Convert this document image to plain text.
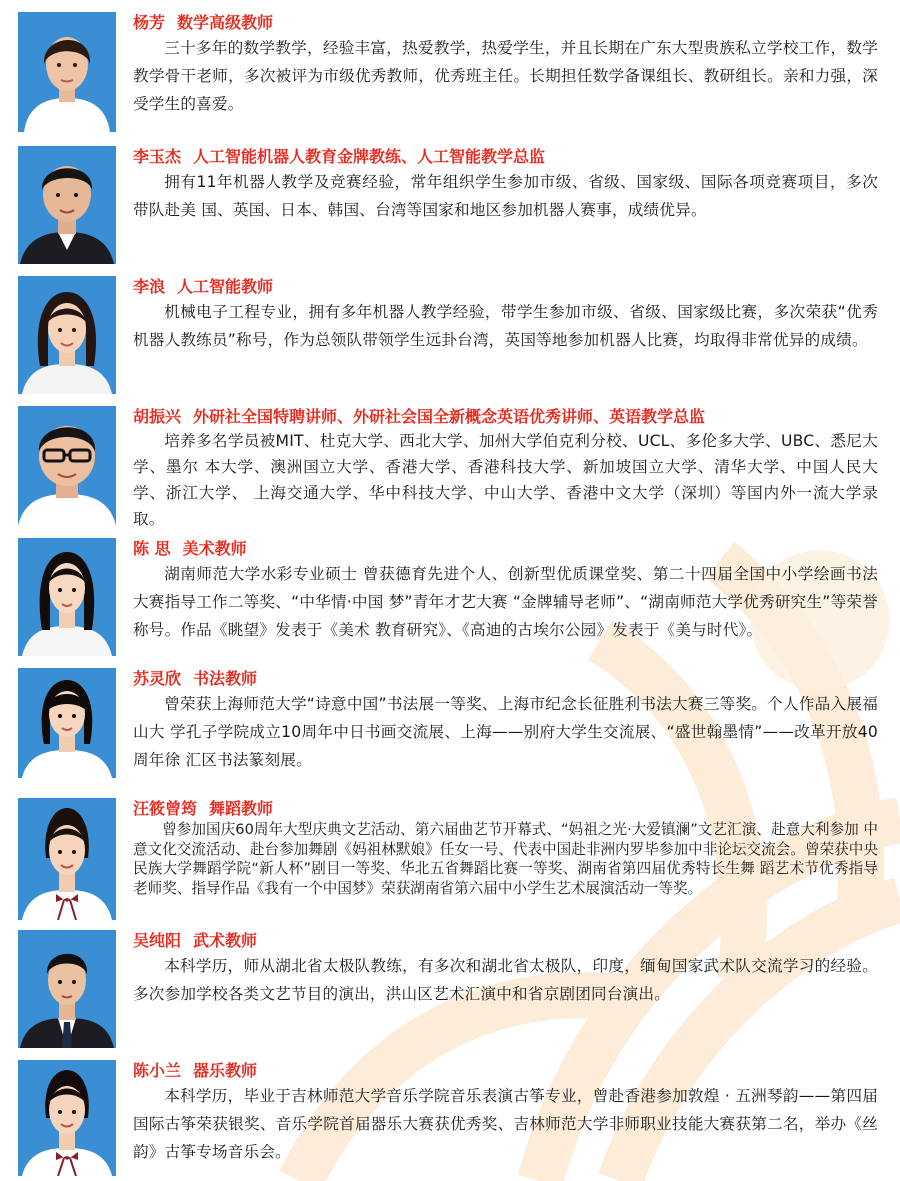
杨芳 数学高级教师

三十多年的数学教学，经验丰富，热爱教学，热爱学生，并且长期在广东大型贵族私立学校工作，数学教学骨干老师，多次被评为市级优秀教师，优秀班主任。长期担任数学备课组长、教研组长。亲和力强，深受学生的喜爱。

李玉杰 人工智能机器人教育金牌教练、人工智能教学总监

拥有11年机器人教学及竞赛经验，常年组织学生参加市级、省级、国家级、国际各项竞赛项目，多次带队赴美 国、英国、日本、韩国、台湾等国家和地区参加机器人赛事，成绩优异。

李浪 人工智能教师

机械电子工程专业，拥有多年机器人教学经验，带学生参加市级、省级、国家级比赛，多次荣获“优秀机器人教练员”称号，作为总领队带领学生远卦台湾，英国等地参加机器人比赛，均取得非常优异的成绩。

胡振兴 外研社全国特聘讲师、外研社会国全新概念英语优秀讲师、英语教学总监

培养多名学员被MIT、杜克大学、西北大学、加州大学伯克利分校、UCL、多伦多大学、UBC、悉尼大学、墨尔 本大学、澳洲国立大学、香港大学、香港科技大学、新加坡国立大学、清华大学、中国人民大学、浙江大学、 上海交通大学、华中科技大学、中山大学、香港中文大学（深圳）等国内外一流大学录取。

陈 思 美术教师

湖南师范大学水彩专业硕士 曾获德育先进个人、创新型优质课堂奖、第二十四届全国中小学绘画书法大赛指导工作二等奖、“中华情·中国 梦”青年才艺大赛 “金牌辅导老师”、“湖南师范大学优秀研究生”等荣誉称号。作品《眺望》发表于《美术 教育研究》、《高迪的古埃尔公园》发表于《美与时代》。

苏灵欣 书法教师

曾荣获上海师范大学“诗意中国”书法展一等奖、上海市纪念长征胜利书法大赛三等奖。个人作品入展福山大 学孔子学院成立10周年中日书画交流展、上海——别府大学生交流展、“盛世翰墨情”——改革开放40周年徐 汇区书法篆刻展。

汪筱曾筠 舞蹈教师

曾参加国庆60周年大型庆典文艺活动、第六届曲艺节开幕式、“妈祖之光·大爱镇澜”文艺汇演、赴意大利参加 中意文化交流活动、赴台参加舞剧《妈祖林默娘》任女一号、代表中国赴非洲内罗毕参加中非论坛交流会。曾荣获中央民族大学舞蹈学院“新人杯”剧目一等奖、华北五省舞蹈比赛一等奖、湖南省第四届优秀特长生舞 蹈艺术节优秀指导老师奖、指导作品《我有一个中国梦》荣获湖南省第六届中小学生艺术展演活动一等奖。

吴纯阳 武术教师

本科学历，师从湖北省太极队教练，有多次和湖北省太极队，印度，缅甸国家武术队交流学习的经验。多次参加学校各类文艺节目的演出，洪山区艺术汇演中和省京剧团同台演出。

陈小兰 器乐教师

本科学历，毕业于吉林师范大学音乐学院音乐表演古筝专业，曾赴香港参加敦煌 · 五洲琴韵——第四届国际古筝荣获银奖、音乐学院首届器乐大赛获优秀奖、吉林师范大学非师职业技能大赛获第二名，举办《丝韵》古筝专场音乐会。
